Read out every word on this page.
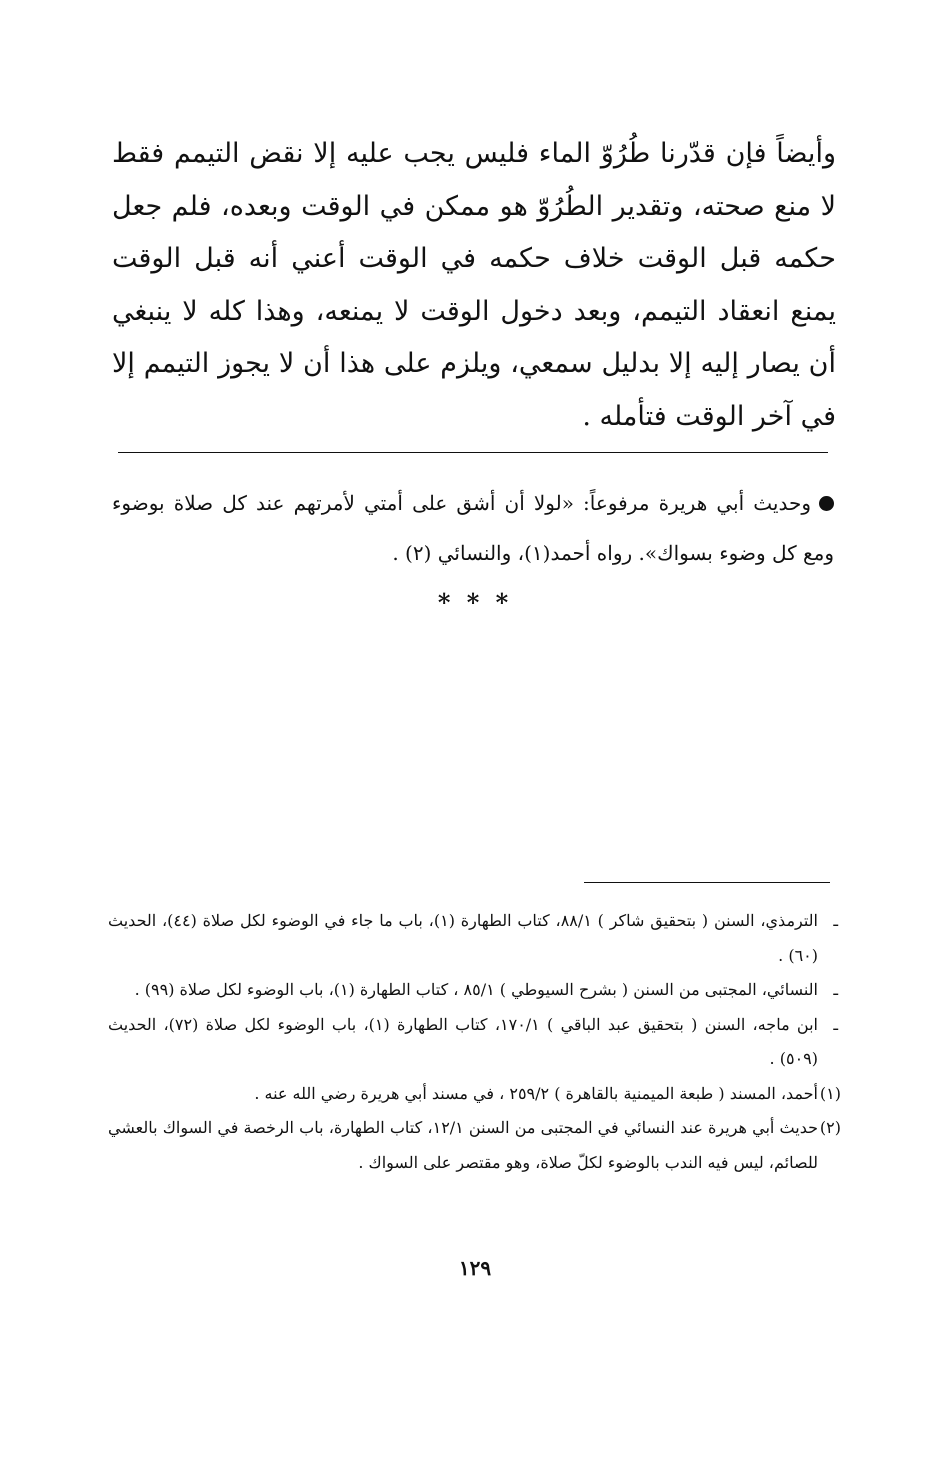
وأيضاً فإن قدّرنا طُرُوّ الماء فليس يجب عليه إلا نقض التيمم فقط لا منع صحته، وتقدير الطُرُوّ هو ممكن في الوقت وبعده، فلم جعل حكمه قبل الوقت خلاف حكمه في الوقت أعني أنه قبل الوقت يمنع انعقاد التيمم، وبعد دخول الوقت لا يمنعه، وهذا كله لا ينبغي أن يصار إليه إلا بدليل سمعي، ويلزم على هذا أن لا يجوز التيمم إلا في آخر الوقت فتأمله .

وحديث أبي هريرة مرفوعاً: «لولا أن أشق على أمتي لأمرتهم عند كل صلاة بوضوء ومع كل وضوء بسواك». رواه أحمد(١)، والنسائي (٢) .

* * *

ـ
الترمذي، السنن ( بتحقيق شاكر ) ٨٨/١، كتاب الطهارة (١)، باب ما جاء في الوضوء لكل صلاة (٤٤)، الحديث (٦٠) .

ـ
النسائي، المجتبى من السنن ( بشرح السيوطي ) ٨٥/١ ، كتاب الطهارة (١)، باب الوضوء لكل صلاة (٩٩) .

ـ
ابن ماجه، السنن ( بتحقيق عبد الباقي ) ١٧٠/١، كتاب الطهارة (١)، باب الوضوء لكل صلاة (٧٢)، الحديث (٥٠٩) .

(١)
أحمد، المسند ( طبعة الميمنية بالقاهرة ) ٢٥٩/٢ ، في مسند أبي هريرة رضي الله عنه .

(٢)
حديث أبي هريرة عند النسائي في المجتبى من السنن ١٢/١، كتاب الطهارة، باب الرخصة في السواك بالعشي للصائم، ليس فيه الندب بالوضوء لكلّ صلاة، وهو مقتصر على السواك .

١٢٩
